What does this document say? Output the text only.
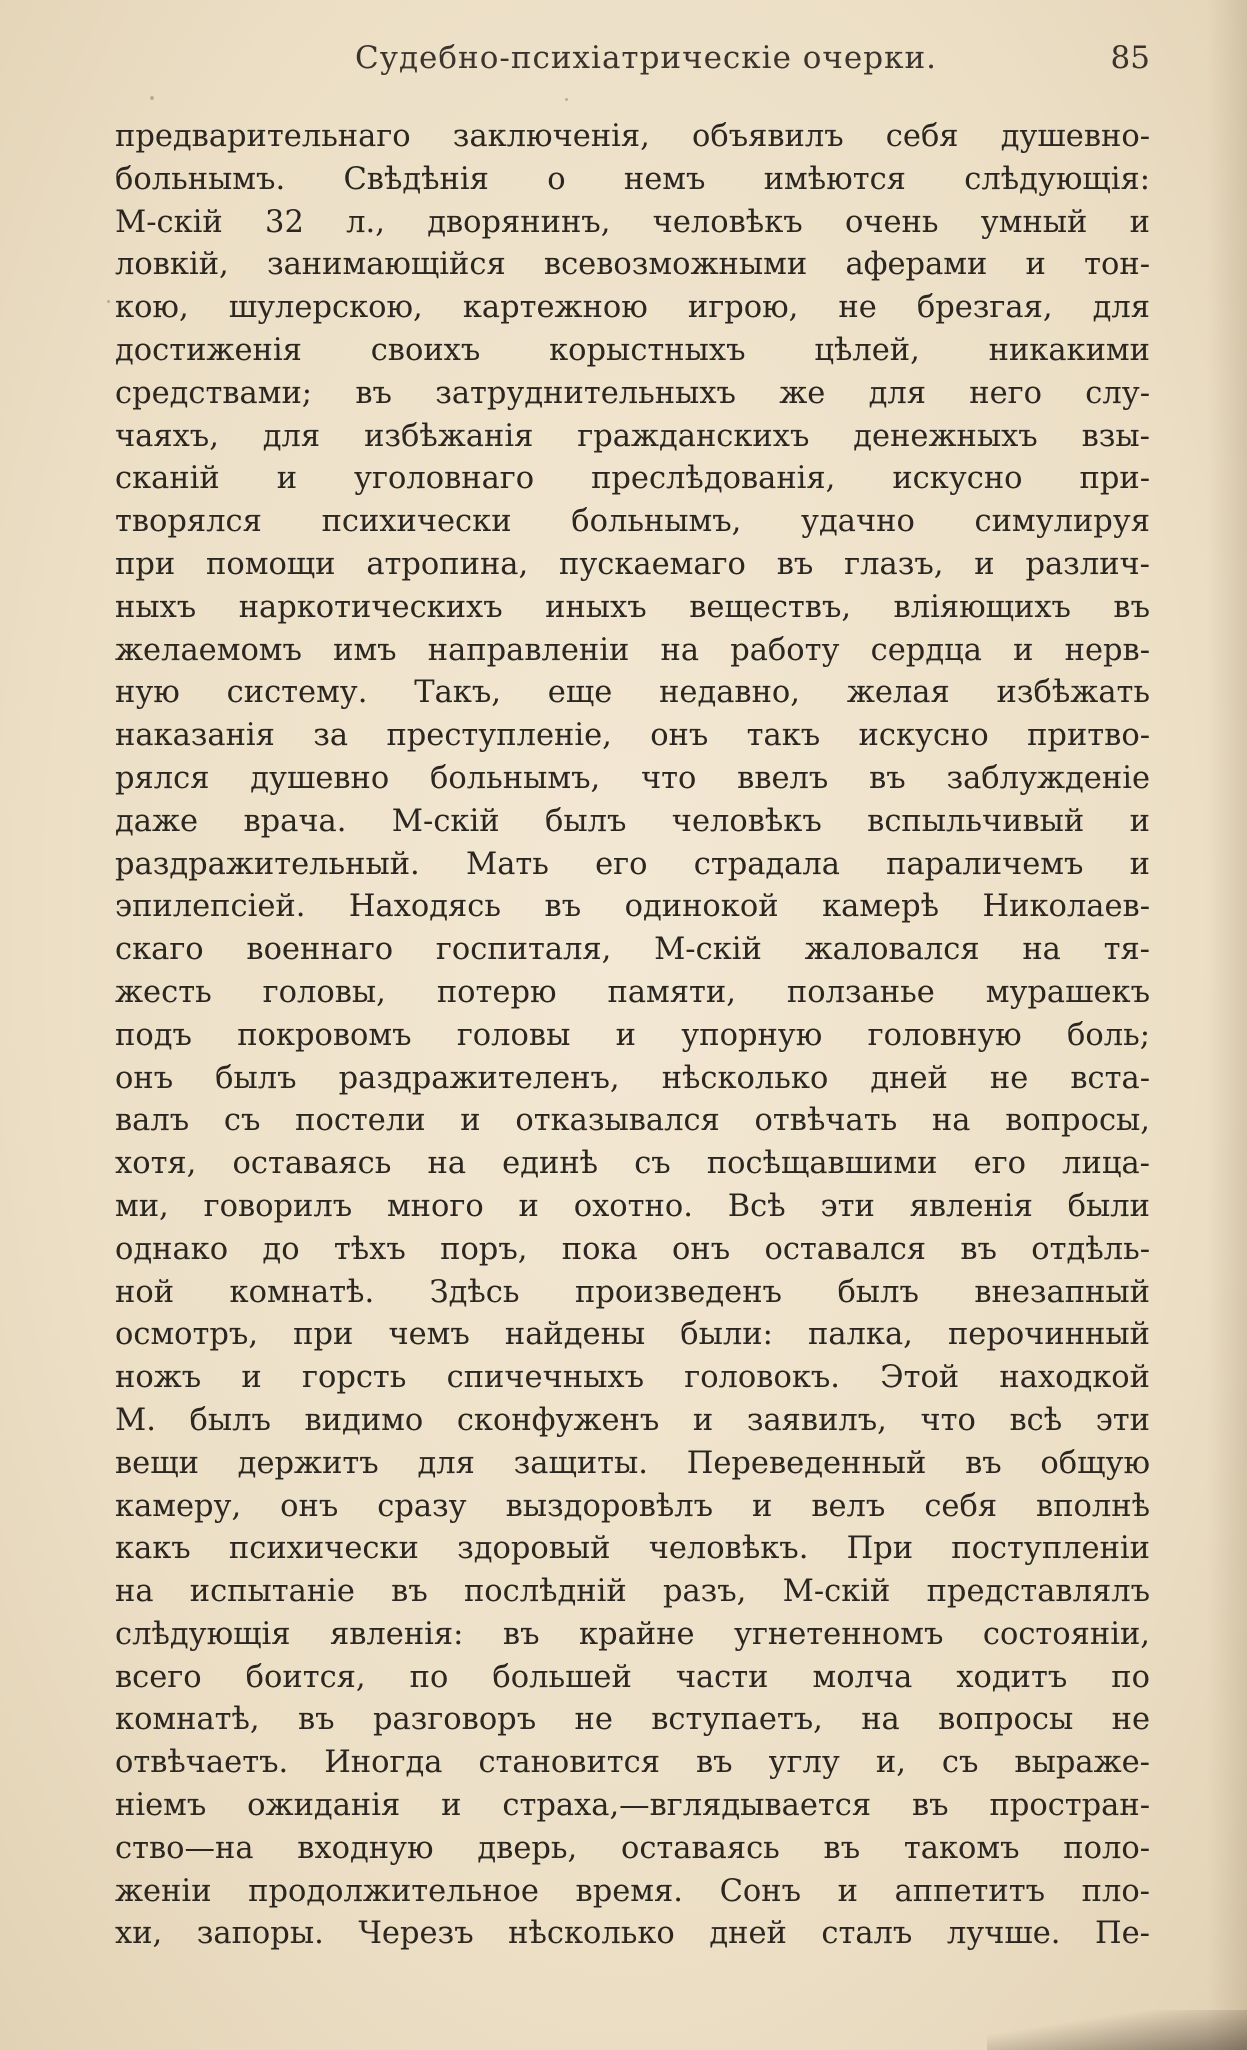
Судебно-психіатрическіе очерки.	85
предварительнаго заключенія, объявилъ себя душевно-
больнымъ. Свѣдѣнія о немъ имѣются слѣдующія:
М-скій 32 л., дворянинъ, человѣкъ очень умный и
ловкій, занимающійся всевозможными аферами и тон-
кою, шулерскою, картежною игрою, не брезгая, для
достиженія своихъ корыстныхъ цѣлей, никакими
средствами; въ затруднительныхъ же для него слу-
чаяхъ, для избѣжанія гражданскихъ денежныхъ взы-
сканій и уголовнаго преслѣдованія, искусно при-
творялся психически больнымъ, удачно симулируя
при помощи атропина, пускаемаго въ глазъ, и различ-
ныхъ наркотическихъ иныхъ веществъ, вліяющихъ въ
желаемомъ имъ направленіи на работу сердца и нерв-
ную систему. Такъ, еще недавно, желая избѣжать
наказанія за преступленіе, онъ такъ искусно притво-
рялся душевно больнымъ, что ввелъ въ заблужденіе
даже врача. М-скій былъ человѣкъ вспыльчивый и
раздражительный. Мать его страдала параличемъ и
эпилепсіей. Находясь въ одинокой камерѣ Николаев-
скаго военнаго госпиталя, М-скій жаловался на тя-
жесть головы, потерю памяти, ползанье мурашекъ
подъ покровомъ головы и упорную головную боль;
онъ былъ раздражителенъ, нѣсколько дней не вста-
валъ съ постели и отказывался отвѣчать на вопросы,
хотя, оставаясь на единѣ съ посѣщавшими его лица-
ми, говорилъ много и охотно. Всѣ эти явленія были
однако до тѣхъ поръ, пока онъ оставался въ отдѣль-
ной комнатѣ. Здѣсь произведенъ былъ внезапный
осмотръ, при чемъ найдены были: палка, перочинный
ножъ и горсть спичечныхъ головокъ. Этой находкой
М. былъ видимо сконфуженъ и заявилъ, что всѣ эти
вещи держитъ для защиты. Переведенный въ общую
камеру, онъ сразу выздоровѣлъ и велъ себя вполнѣ
какъ психически здоровый человѣкъ. При поступленіи
на испытаніе въ послѣдній разъ, М-скій представлялъ
слѣдующія явленія: въ крайне угнетенномъ состояніи,
всего боится, по большей части молча ходитъ по
комнатѣ, въ разговоръ не вступаетъ, на вопросы не
отвѣчаетъ. Иногда становится въ углу и, съ выраже-
ніемъ ожиданія и страха,—вглядывается въ простран-
ство—на входную дверь, оставаясь въ такомъ поло-
женіи продолжительное время. Сонъ и аппетитъ пло-
хи, запоры. Черезъ нѣсколько дней сталъ лучше. Пе-
